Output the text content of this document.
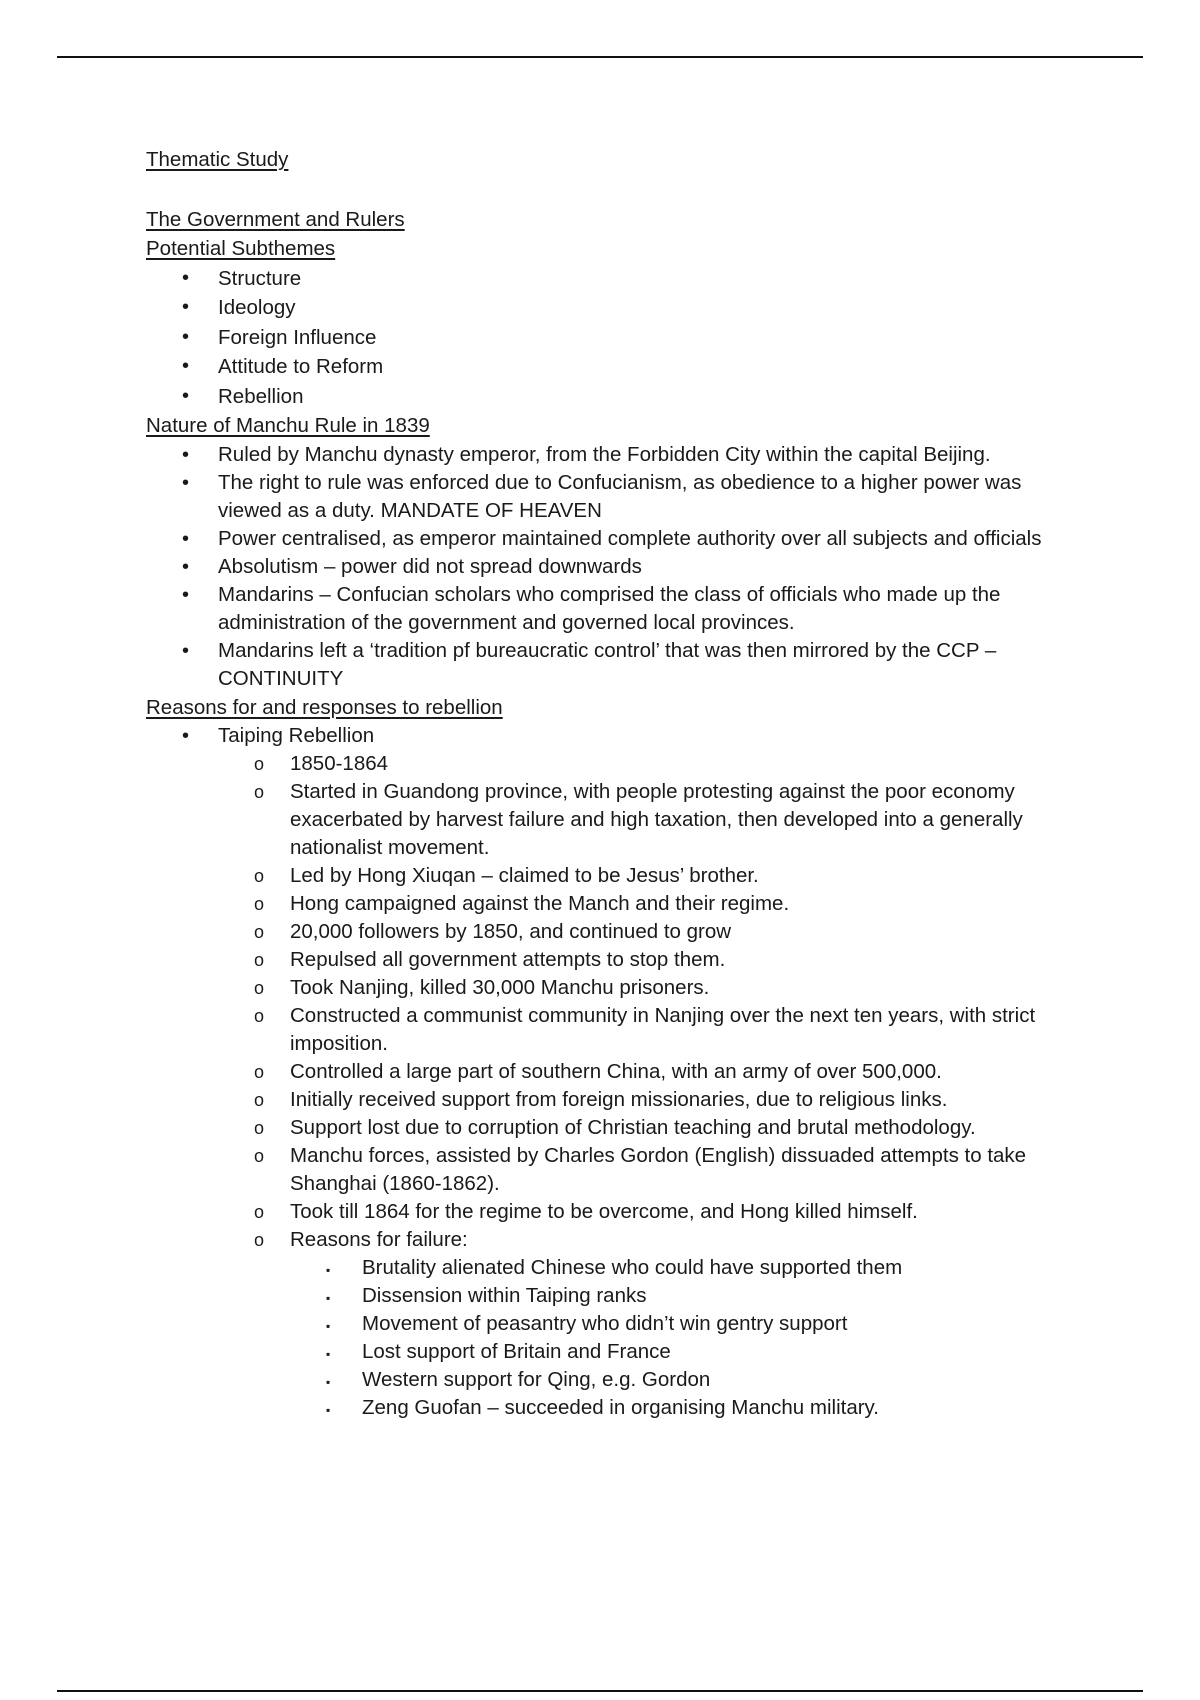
Thematic Study
The Government and Rulers
Potential Subthemes
• Structure
• Ideology
• Foreign Influence
• Attitude to Reform
• Rebellion
Nature of Manchu Rule in 1839
• Ruled by Manchu dynasty emperor, from the Forbidden City within the capital Beijing.
• The right to rule was enforced due to Confucianism, as obedience to a higher power was viewed as a duty. MANDATE OF HEAVEN
• Power centralised, as emperor maintained complete authority over all subjects and officials
• Absolutism – power did not spread downwards
• Mandarins – Confucian scholars who comprised the class of officials who made up the administration of the government and governed local provinces.
• Mandarins left a ‘tradition pf bureaucratic control’ that was then mirrored by the CCP – CONTINUITY
Reasons for and responses to rebellion
• Taiping Rebellion
o 1850-1864
o Started in Guandong province, with people protesting against the poor economy exacerbated by harvest failure and high taxation, then developed into a generally nationalist movement.
o Led by Hong Xiuqan – claimed to be Jesus’ brother.
o Hong campaigned against the Manch and their regime.
o 20,000 followers by 1850, and continued to grow
o Repulsed all government attempts to stop them.
o Took Nanjing, killed 30,000 Manchu prisoners.
o Constructed a communist community in Nanjing over the next ten years, with strict imposition.
o Controlled a large part of southern China, with an army of over 500,000.
o Initially received support from foreign missionaries, due to religious links.
o Support lost due to corruption of Christian teaching and brutal methodology.
o Manchu forces, assisted by Charles Gordon (English) dissuaded attempts to take Shanghai (1860-1862).
o Took till 1864 for the regime to be overcome, and Hong killed himself.
o Reasons for failure:
▪ Brutality alienated Chinese who could have supported them
▪ Dissension within Taiping ranks
▪ Movement of peasantry who didn’t win gentry support
▪ Lost support of Britain and France
▪ Western support for Qing, e.g. Gordon
▪ Zeng Guofan – succeeded in organising Manchu military.
